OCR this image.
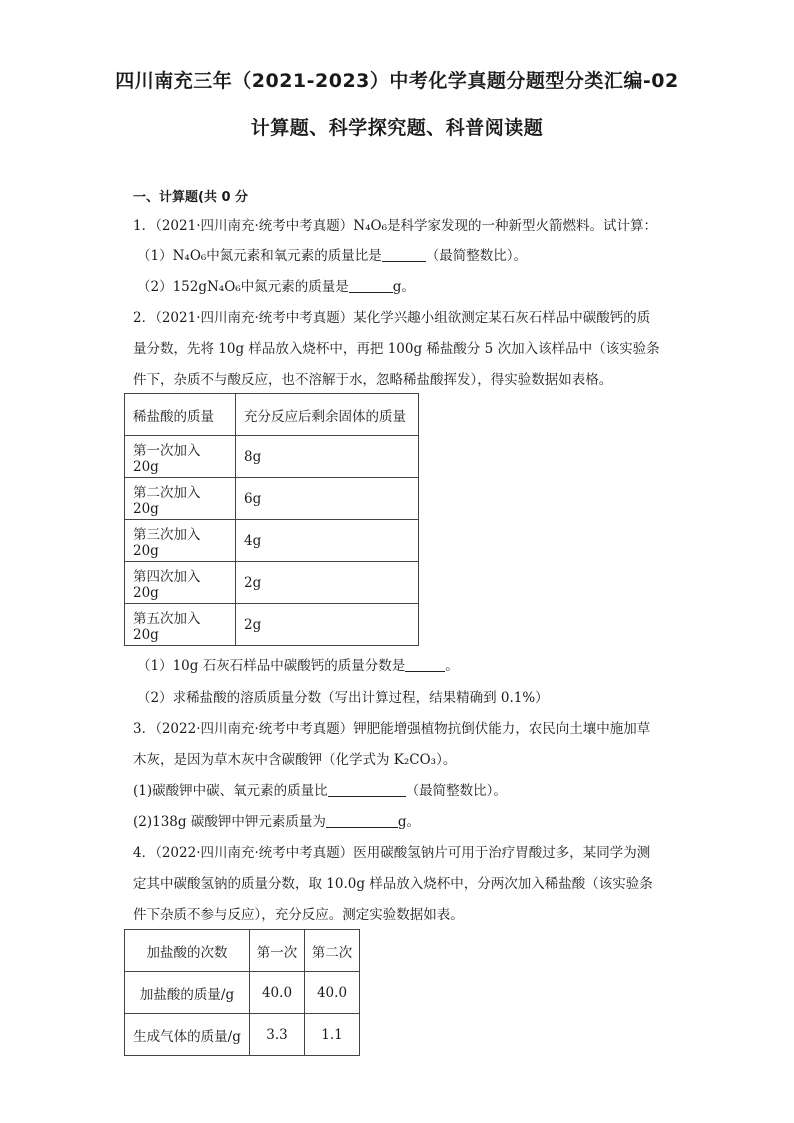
四川南充三年（2021-2023）中考化学真题分题型分类汇编-02
计算题、科学探究题、科普阅读题
一、计算题(共 0 分
1．（2021·四川南充·统考中考真题）N₄O₆是科学家发现的一种新型火箭燃料。试计算：
（1）N₄O₆中氮元素和氧元素的质量比是	（最简整数比）。
（2）152gN₄O₆中氮元素的质量是	g。
2．（2021·四川南充·统考中考真题）某化学兴趣小组欲测定某石灰石样品中碳酸钙的质
量分数，先将 10g 样品放入烧杯中，再把 100g 稀盐酸分 5 次加入该样品中（该实验条
件下，杂质不与酸反应，也不溶解于水，忽略稀盐酸挥发），得实验数据如表格。
稀盐酸的质量	充分反应后剩余固体的质量
第一次加入 20g	8g
第二次加入 20g	6g
第三次加入 20g	4g
第四次加入 20g	2g
第五次加入 20g	2g
（1）10g 石灰石样品中碳酸钙的质量分数是	。
（2）求稀盐酸的溶质质量分数（写出计算过程，结果精确到 0.1%）
3．（2022·四川南充·统考中考真题）钾肥能增强植物抗倒伏能力，农民向土壤中施加草
木灰，是因为草木灰中含碳酸钾（化学式为 K₂CO₃）。
(1)碳酸钾中碳、氧元素的质量比	（最简整数比）。
(2)138g 碳酸钾中钾元素质量为	g。
4．（2022·四川南充·统考中考真题）医用碳酸氢钠片可用于治疗胃酸过多，某同学为测
定其中碳酸氢钠的质量分数，取 10.0g 样品放入烧杯中，分两次加入稀盐酸（该实验条
件下杂质不参与反应），充分反应。测定实验数据如表。
加盐酸的次数	第一次	第二次
加盐酸的质量/g	40.0	40.0
生成气体的质量/g	3.3	1.1
